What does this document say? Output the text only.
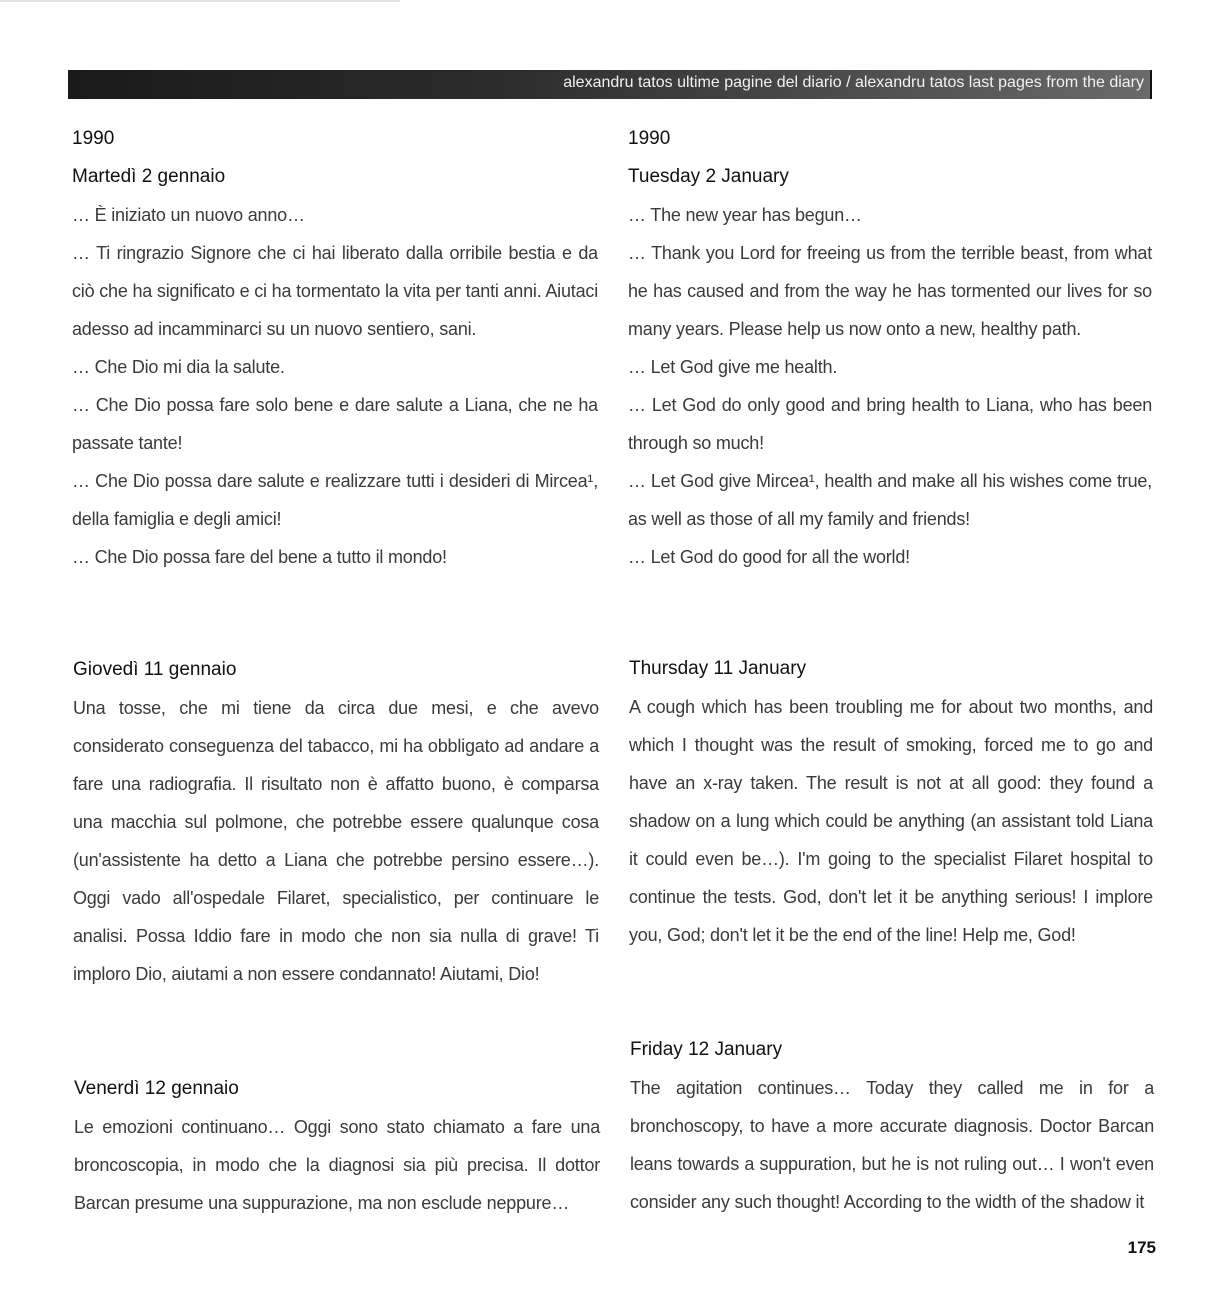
alexandru tatos ultime pagine del diario / alexandru tatos last pages from the diary
1990
Martedì 2 gennaio

… È iniziato un nuovo anno…

… Ti ringrazio Signore che ci hai liberato dalla orribile bestia e da ciò che ha significato e ci ha tormentato la vita per tanti anni. Aiutaci adesso ad incamminarci su un nuovo sentiero, sani.

… Che Dio mi dia la salute.

… Che Dio possa fare solo bene e dare salute a Liana, che ne ha passate tante!

… Che Dio possa dare salute e realizzare tutti i desideri di Mircea¹, della famiglia e degli amici!

… Che Dio possa fare del bene a tutto il mondo!

1990
Tuesday 2 January

… The new year has begun…

… Thank you Lord for freeing us from the terrible beast, from what he has caused and from the way he has tormented our lives for so many years. Please help us now onto a new, healthy path.

… Let God give me health.

… Let God do only good and bring health to Liana, who has been through so much!

… Let God give Mircea¹, health and make all his wishes come true, as well as those of all my family and friends!

… Let God do good for all the world!

Giovedì 11 gennaio

Una tosse, che mi tiene da circa due mesi, e che avevo considerato conseguenza del tabacco, mi ha obbligato ad andare a fare una radiografia. Il risultato non è affatto buono, è comparsa una macchia sul polmone, che potrebbe essere qualunque cosa (un'assistente ha detto a Liana che potrebbe persino essere…). Oggi vado all'ospedale Filaret, specialistico, per continuare le analisi. Possa Iddio fare in modo che non sia nulla di grave! Ti imploro Dio, aiutami a non essere condannato! Aiutami, Dio!

Thursday 11 January

A cough which has been troubling me for about two months, and which I thought was the result of smoking, forced me to go and have an x-ray taken. The result is not at all good: they found a shadow on a lung which could be anything (an assistant told Liana it could even be…). I'm going to the specialist Filaret hospital to continue the tests. God, don't let it be anything serious! I implore you, God; don't let it be the end of the line! Help me, God!

Venerdì 12 gennaio

Le emozioni continuano… Oggi sono stato chiamato a fare una broncoscopia, in modo che la diagnosi sia più precisa. Il dottor Barcan presume una suppurazione, ma non esclude neppure…

Friday 12 January

The agitation continues… Today they called me in for a bronchoscopy, to have a more accurate diagnosis. Doctor Barcan leans towards a suppuration, but he is not ruling out… I won't even consider any such thought! According to the width of the shadow it

175
